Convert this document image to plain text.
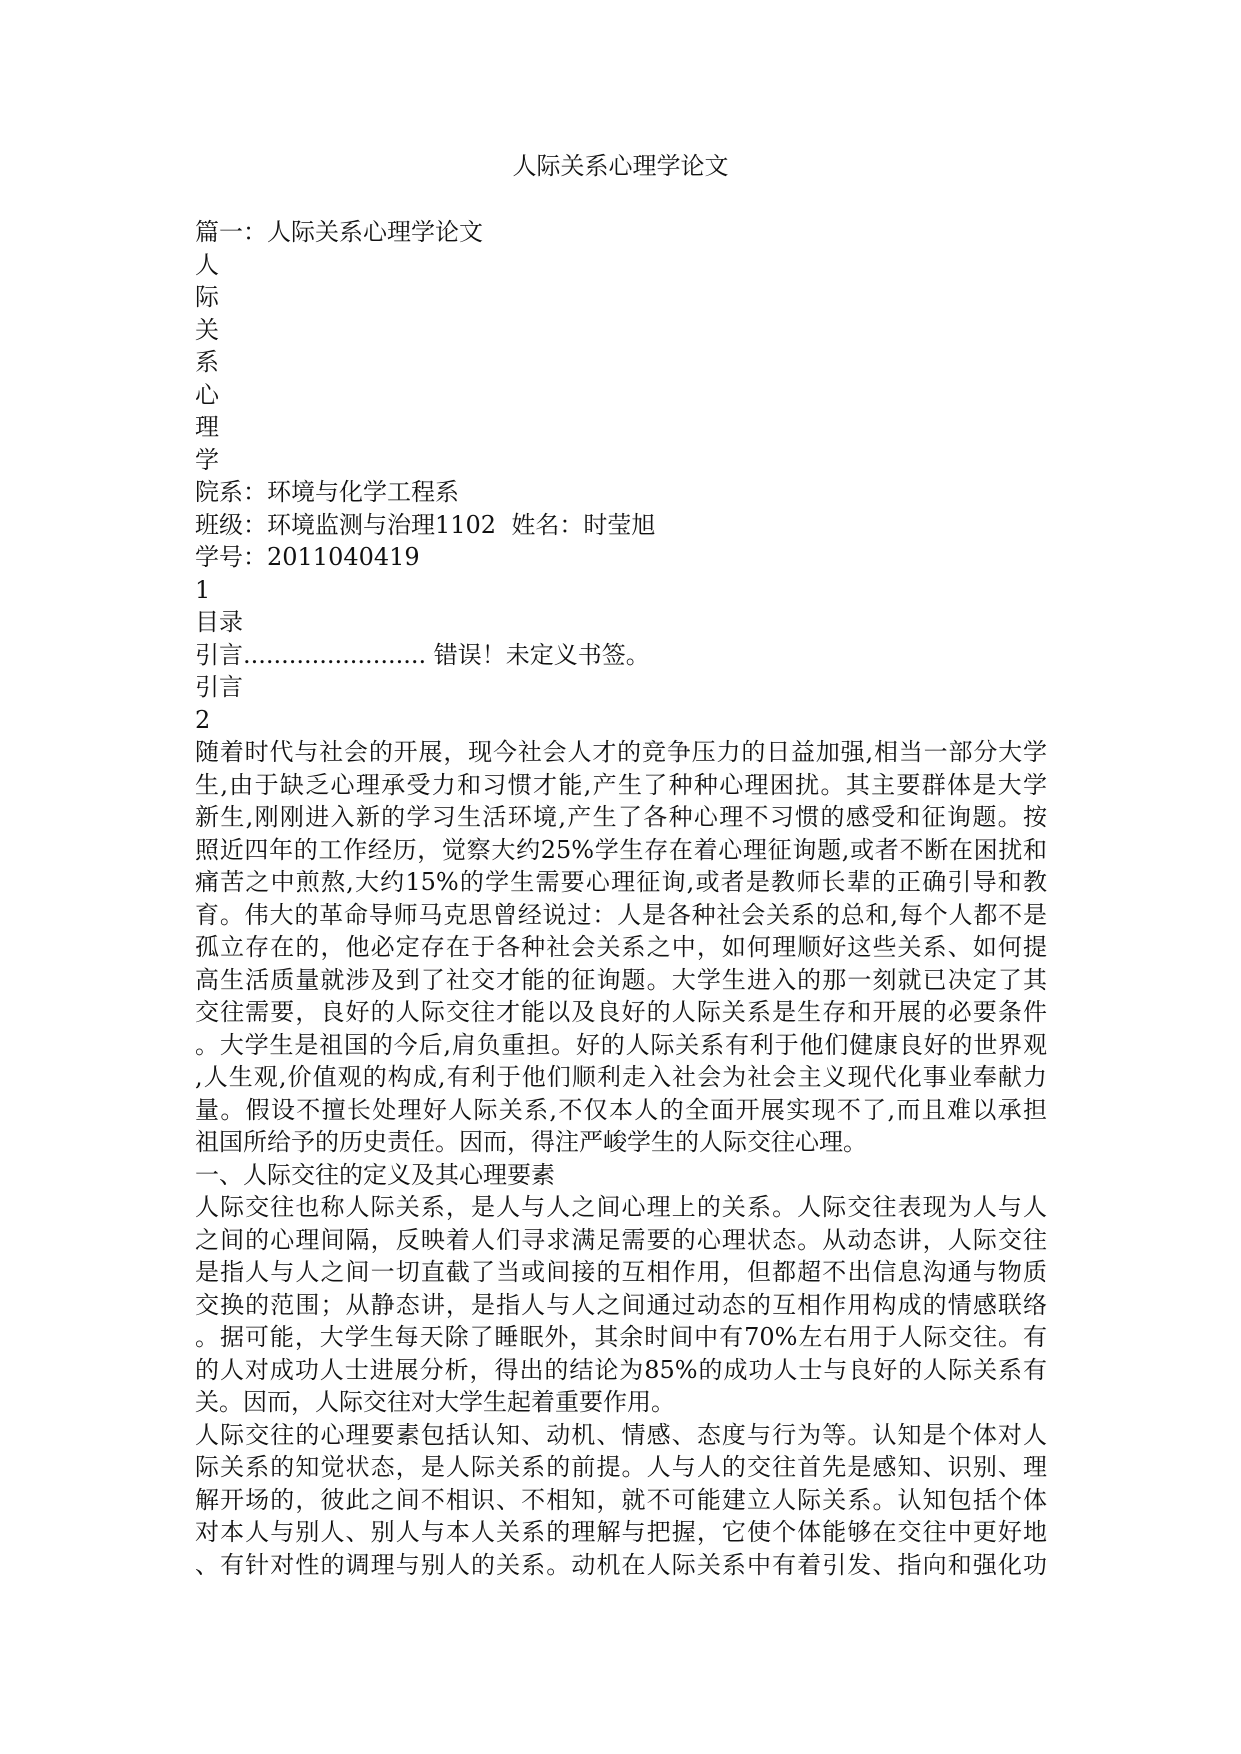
人际关系心理学论文
篇一：人际关系心理学论文
人
际
关
系
心
理
学
院系：环境与化学工程系
班级：环境监测与治理1102  姓名：时莹旭
学号：2011040419
1
目录
引言........................ 错误！未定义书签。
引言
2
随着时代与社会的开展，现今社会人才的竞争压力的日益加强,相当一部分大学
生,由于缺乏心理承受力和习惯才能,产生了种种心理困扰。其主要群体是大学
新生,刚刚进入新的学习生活环境,产生了各种心理不习惯的感受和征询题。按
照近四年的工作经历，觉察大约25%学生存在着心理征询题,或者不断在困扰和
痛苦之中煎熬,大约15%的学生需要心理征询,或者是教师长辈的正确引导和教
育。伟大的革命导师马克思曾经说过：人是各种社会关系的总和,每个人都不是
孤立存在的，他必定存在于各种社会关系之中，如何理顺好这些关系、如何提
高生活质量就涉及到了社交才能的征询题。大学生进入的那一刻就已决定了其
交往需要，良好的人际交往才能以及良好的人际关系是生存和开展的必要条件
。大学生是祖国的今后,肩负重担。好的人际关系有利于他们健康良好的世界观
,人生观,价值观的构成,有利于他们顺利走入社会为社会主义现代化事业奉献力
量。假设不擅长处理好人际关系,不仅本人的全面开展实现不了,而且难以承担
祖国所给予的历史责任。因而，得注严峻学生的人际交往心理。
一、人际交往的定义及其心理要素
人际交往也称人际关系，是人与人之间心理上的关系。人际交往表现为人与人
之间的心理间隔，反映着人们寻求满足需要的心理状态。从动态讲，人际交往
是指人与人之间一切直截了当或间接的互相作用，但都超不出信息沟通与物质
交换的范围；从静态讲，是指人与人之间通过动态的互相作用构成的情感联络
。据可能，大学生每天除了睡眠外，其余时间中有70%左右用于人际交往。有
的人对成功人士进展分析，得出的结论为85%的成功人士与良好的人际关系有
关。因而，人际交往对大学生起着重要作用。
人际交往的心理要素包括认知、动机、情感、态度与行为等。认知是个体对人
际关系的知觉状态，是人际关系的前提。人与人的交往首先是感知、识别、理
解开场的，彼此之间不相识、不相知，就不可能建立人际关系。认知包括个体
对本人与别人、别人与本人关系的理解与把握，它使个体能够在交往中更好地
、有针对性的调理与别人的关系。动机在人际关系中有着引发、指向和强化功
